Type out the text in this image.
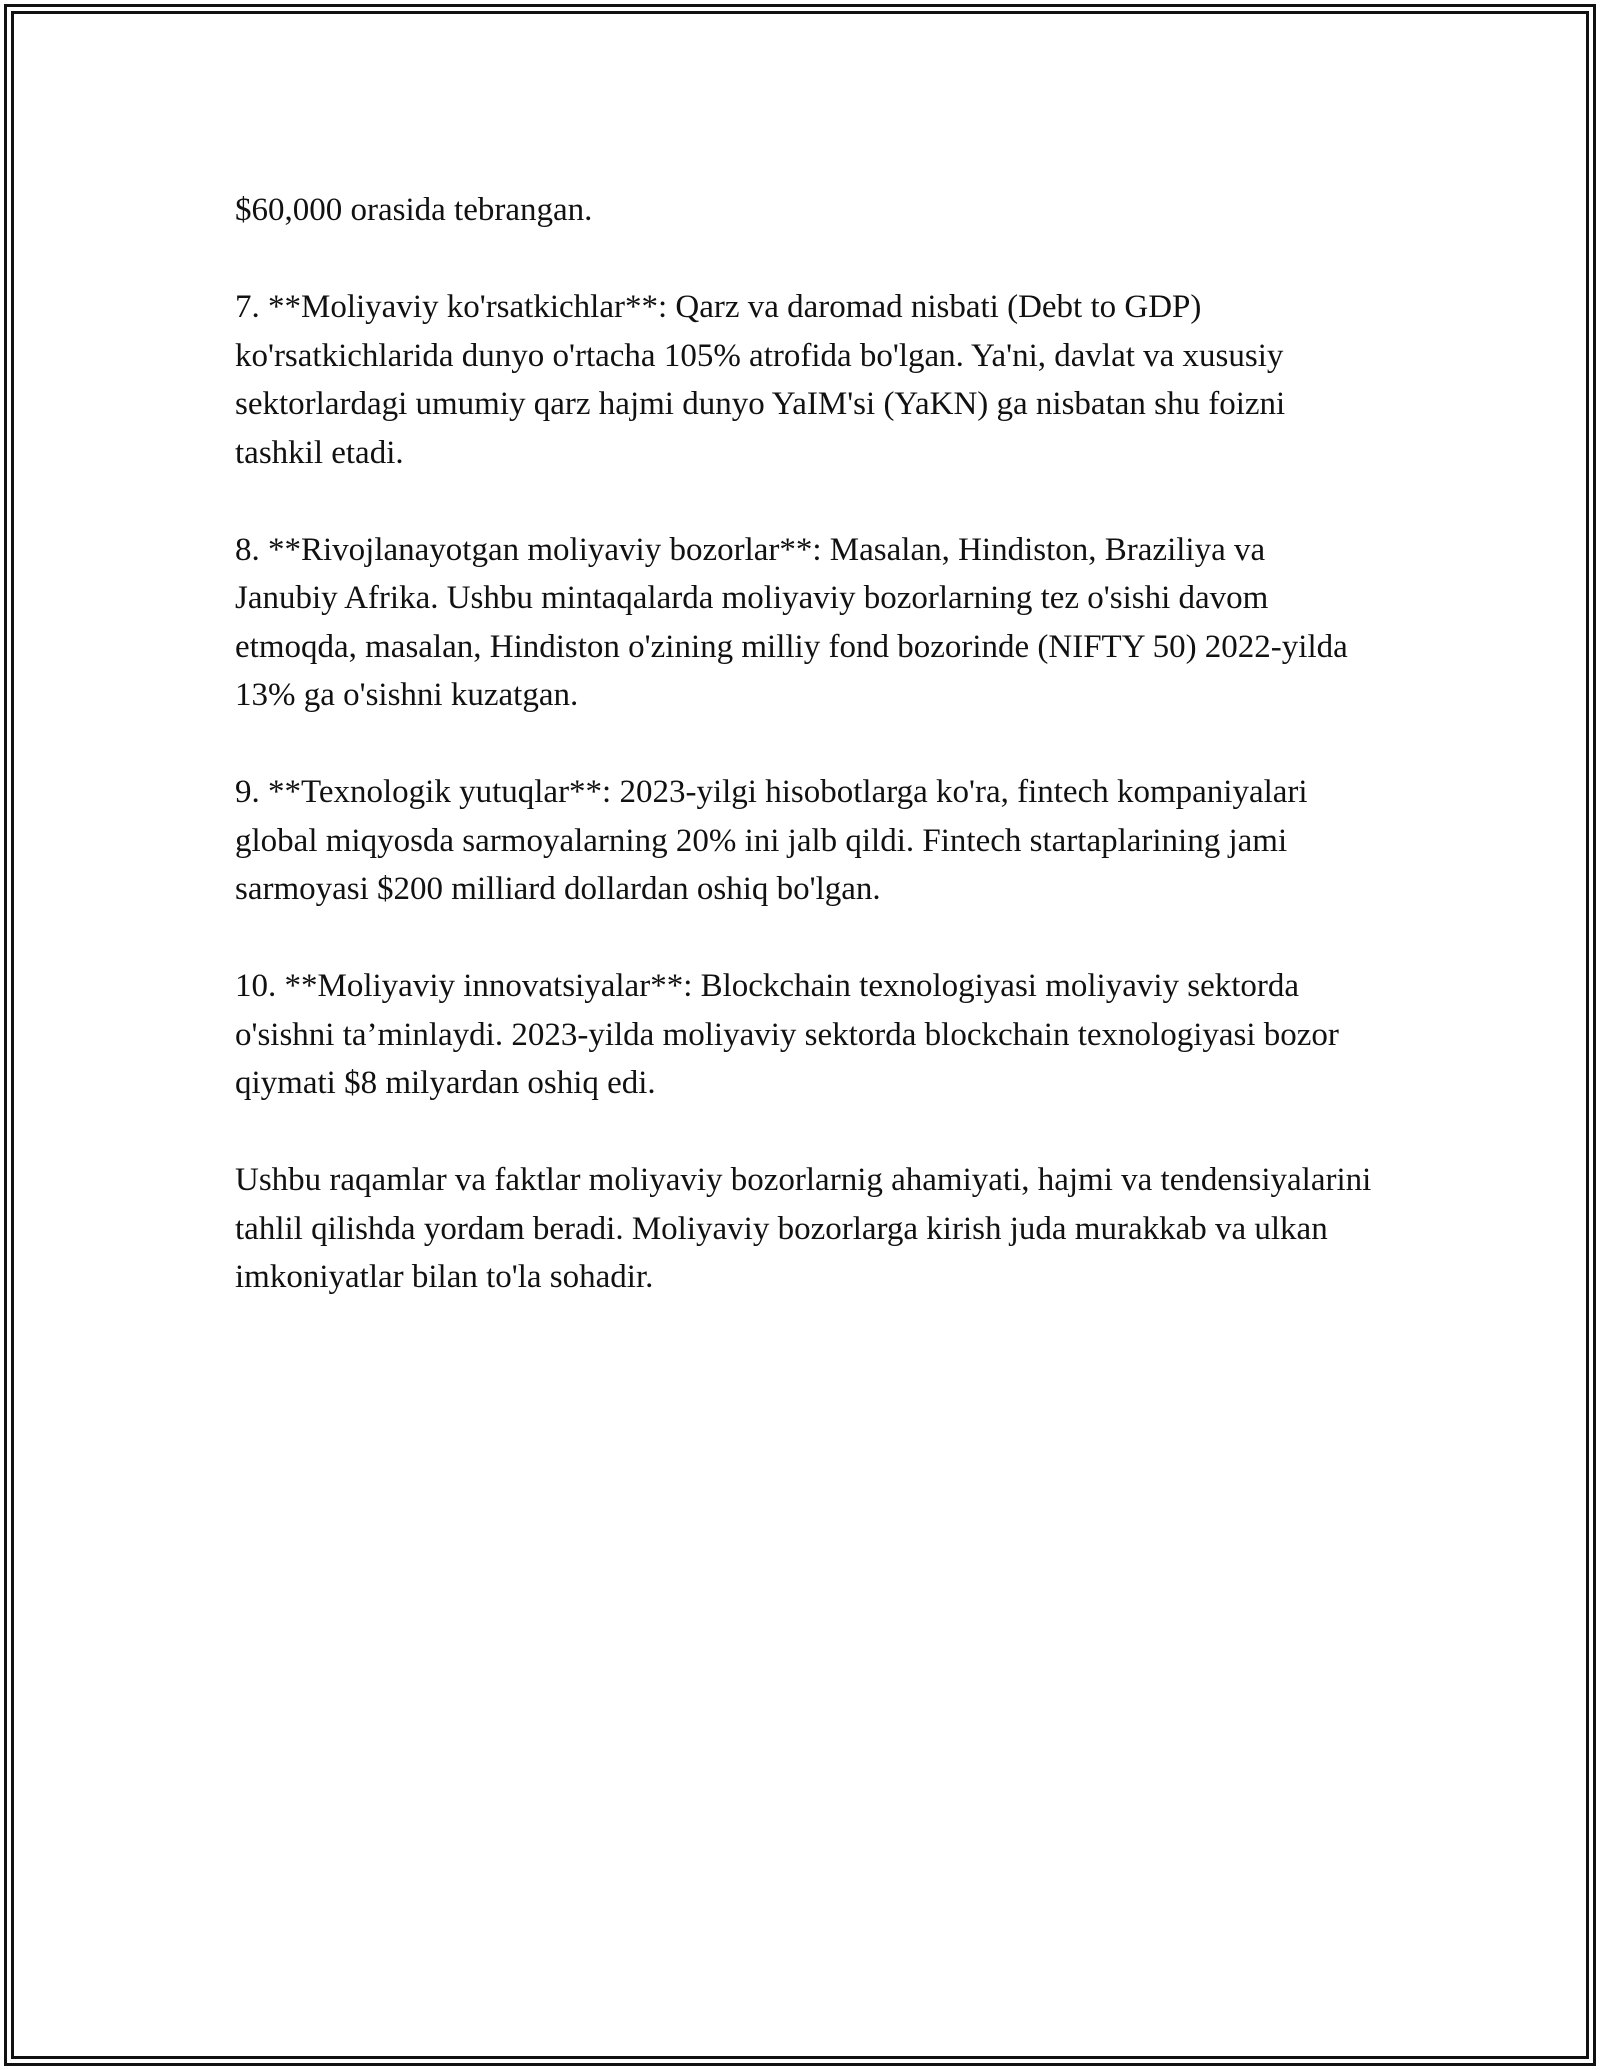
$60,000 orasida tebrangan.

7. **Moliyaviy ko'rsatkichlar**: Qarz va daromad nisbati (Debt to GDP) ko'rsatkichlarida dunyo o'rtacha 105% atrofida bo'lgan. Ya'ni, davlat va xususiy sektorlardagi umumiy qarz hajmi dunyo YaIM'si (YaKN) ga nisbatan shu foizni tashkil etadi.

8. **Rivojlanayotgan moliyaviy bozorlar**: Masalan, Hindiston, Braziliya va Janubiy Afrika. Ushbu mintaqalarda moliyaviy bozorlarning tez o'sishi davom etmoqda, masalan, Hindiston o'zining milliy fond bozorinde (NIFTY 50) 2022-yilda 13% ga o'sishni kuzatgan.

9. **Texnologik yutuqlar**: 2023-yilgi hisobotlarga ko'ra, fintech kompaniyalari global miqyosda sarmoyalarning 20% ini jalb qildi. Fintech startaplarining jami sarmoyasi $200 milliard dollardan oshiq bo'lgan.

10. **Moliyaviy innovatsiyalar**: Blockchain texnologiyasi moliyaviy sektorda o'sishni ta’minlaydi. 2023-yilda moliyaviy sektorda blockchain texnologiyasi bozor qiymati $8 milyardan oshiq edi.

Ushbu raqamlar va faktlar moliyaviy bozorlarnig ahamiyati, hajmi va tendensiyalarini tahlil qilishda yordam beradi. Moliyaviy bozorlarga kirish juda murakkab va ulkan imkoniyatlar bilan to'la sohadir.
